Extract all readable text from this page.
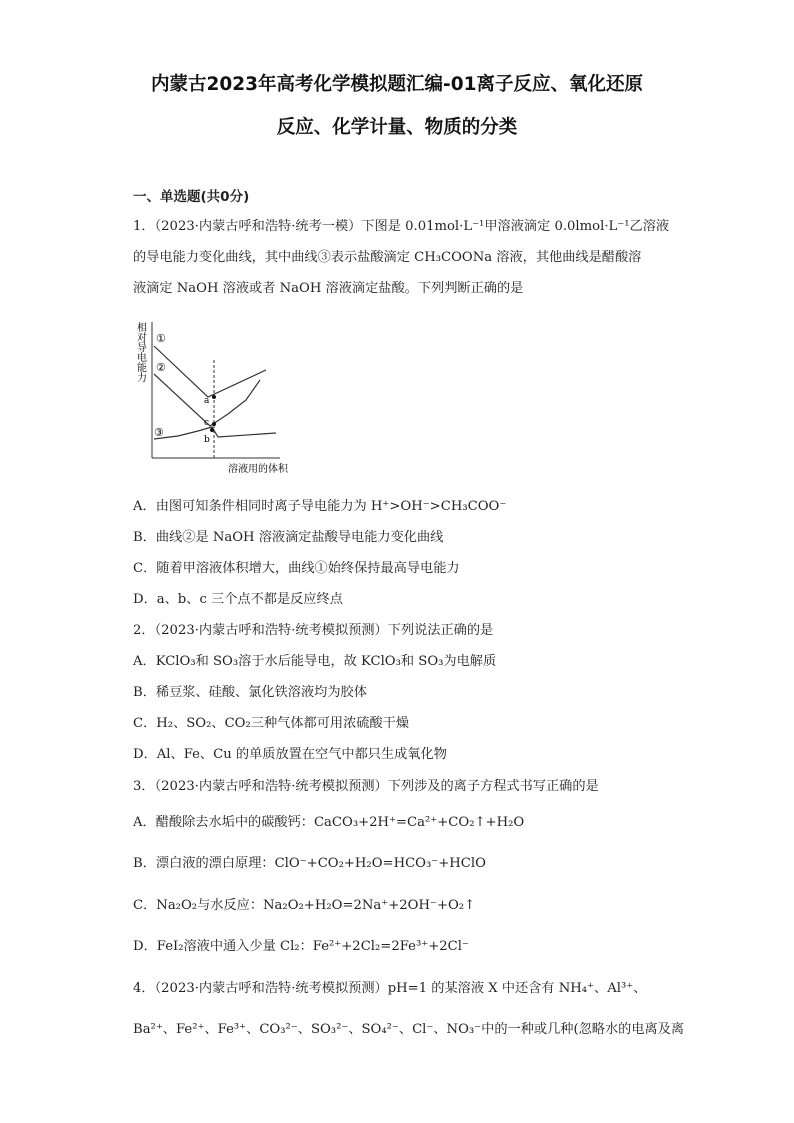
内蒙古2023年高考化学模拟题汇编-01离子反应、氧化还原
反应、化学计量、物质的分类
一、单选题(共0分)
1．（2023·内蒙古呼和浩特·统考一模）下图是 0.01mol·L⁻¹甲溶液滴定 0.0lmol·L⁻¹乙溶液
的导电能力变化曲线，其中曲线③表示盐酸滴定 CH₃COONa 溶液，其他曲线是醋酸溶
液滴定 NaOH 溶液或者 NaOH 溶液滴定盐酸。下列判断正确的是
相对导电能力 ①
②
③
a
c
b
溶液用的体积
A．由图可知条件相同时离子导电能力为 H⁺>OH⁻>CH₃COO⁻
B．曲线②是 NaOH 溶液滴定盐酸导电能力变化曲线
C．随着甲溶液体积增大，曲线①始终保持最高导电能力
D．a、b、c 三个点不都是反应终点
2．（2023·内蒙古呼和浩特·统考模拟预测）下列说法正确的是
A．KClO₃和 SO₃溶于水后能导电，故 KClO₃和 SO₃为电解质
B．稀豆浆、硅酸、氯化铁溶液均为胶体
C．H₂、SO₂、CO₂三种气体都可用浓硫酸干燥
D．Al、Fe、Cu 的单质放置在空气中都只生成氧化物
3．（2023·内蒙古呼和浩特·统考模拟预测）下列涉及的离子方程式书写正确的是
A．醋酸除去水垢中的碳酸钙：CaCO₃+2H⁺=Ca²⁺+CO₂↑+H₂O
B．漂白液的漂白原理：ClO⁻+CO₂+H₂O=HCO₃⁻+HClO
C．Na₂O₂与水反应：Na₂O₂+H₂O=2Na⁺+2OH⁻+O₂↑
D．FeI₂溶液中通入少量 Cl₂：Fe²⁺+2Cl₂=2Fe³⁺+2Cl⁻
4．（2023·内蒙古呼和浩特·统考模拟预测）pH=1 的某溶液 X 中还含有 NH₄⁺、Al³⁺、
Ba²⁺、Fe²⁺、Fe³⁺、CO₃²⁻、SO₃²⁻、SO₄²⁻、Cl⁻、NO₃⁻中的一种或几种(忽略水的电离及离
